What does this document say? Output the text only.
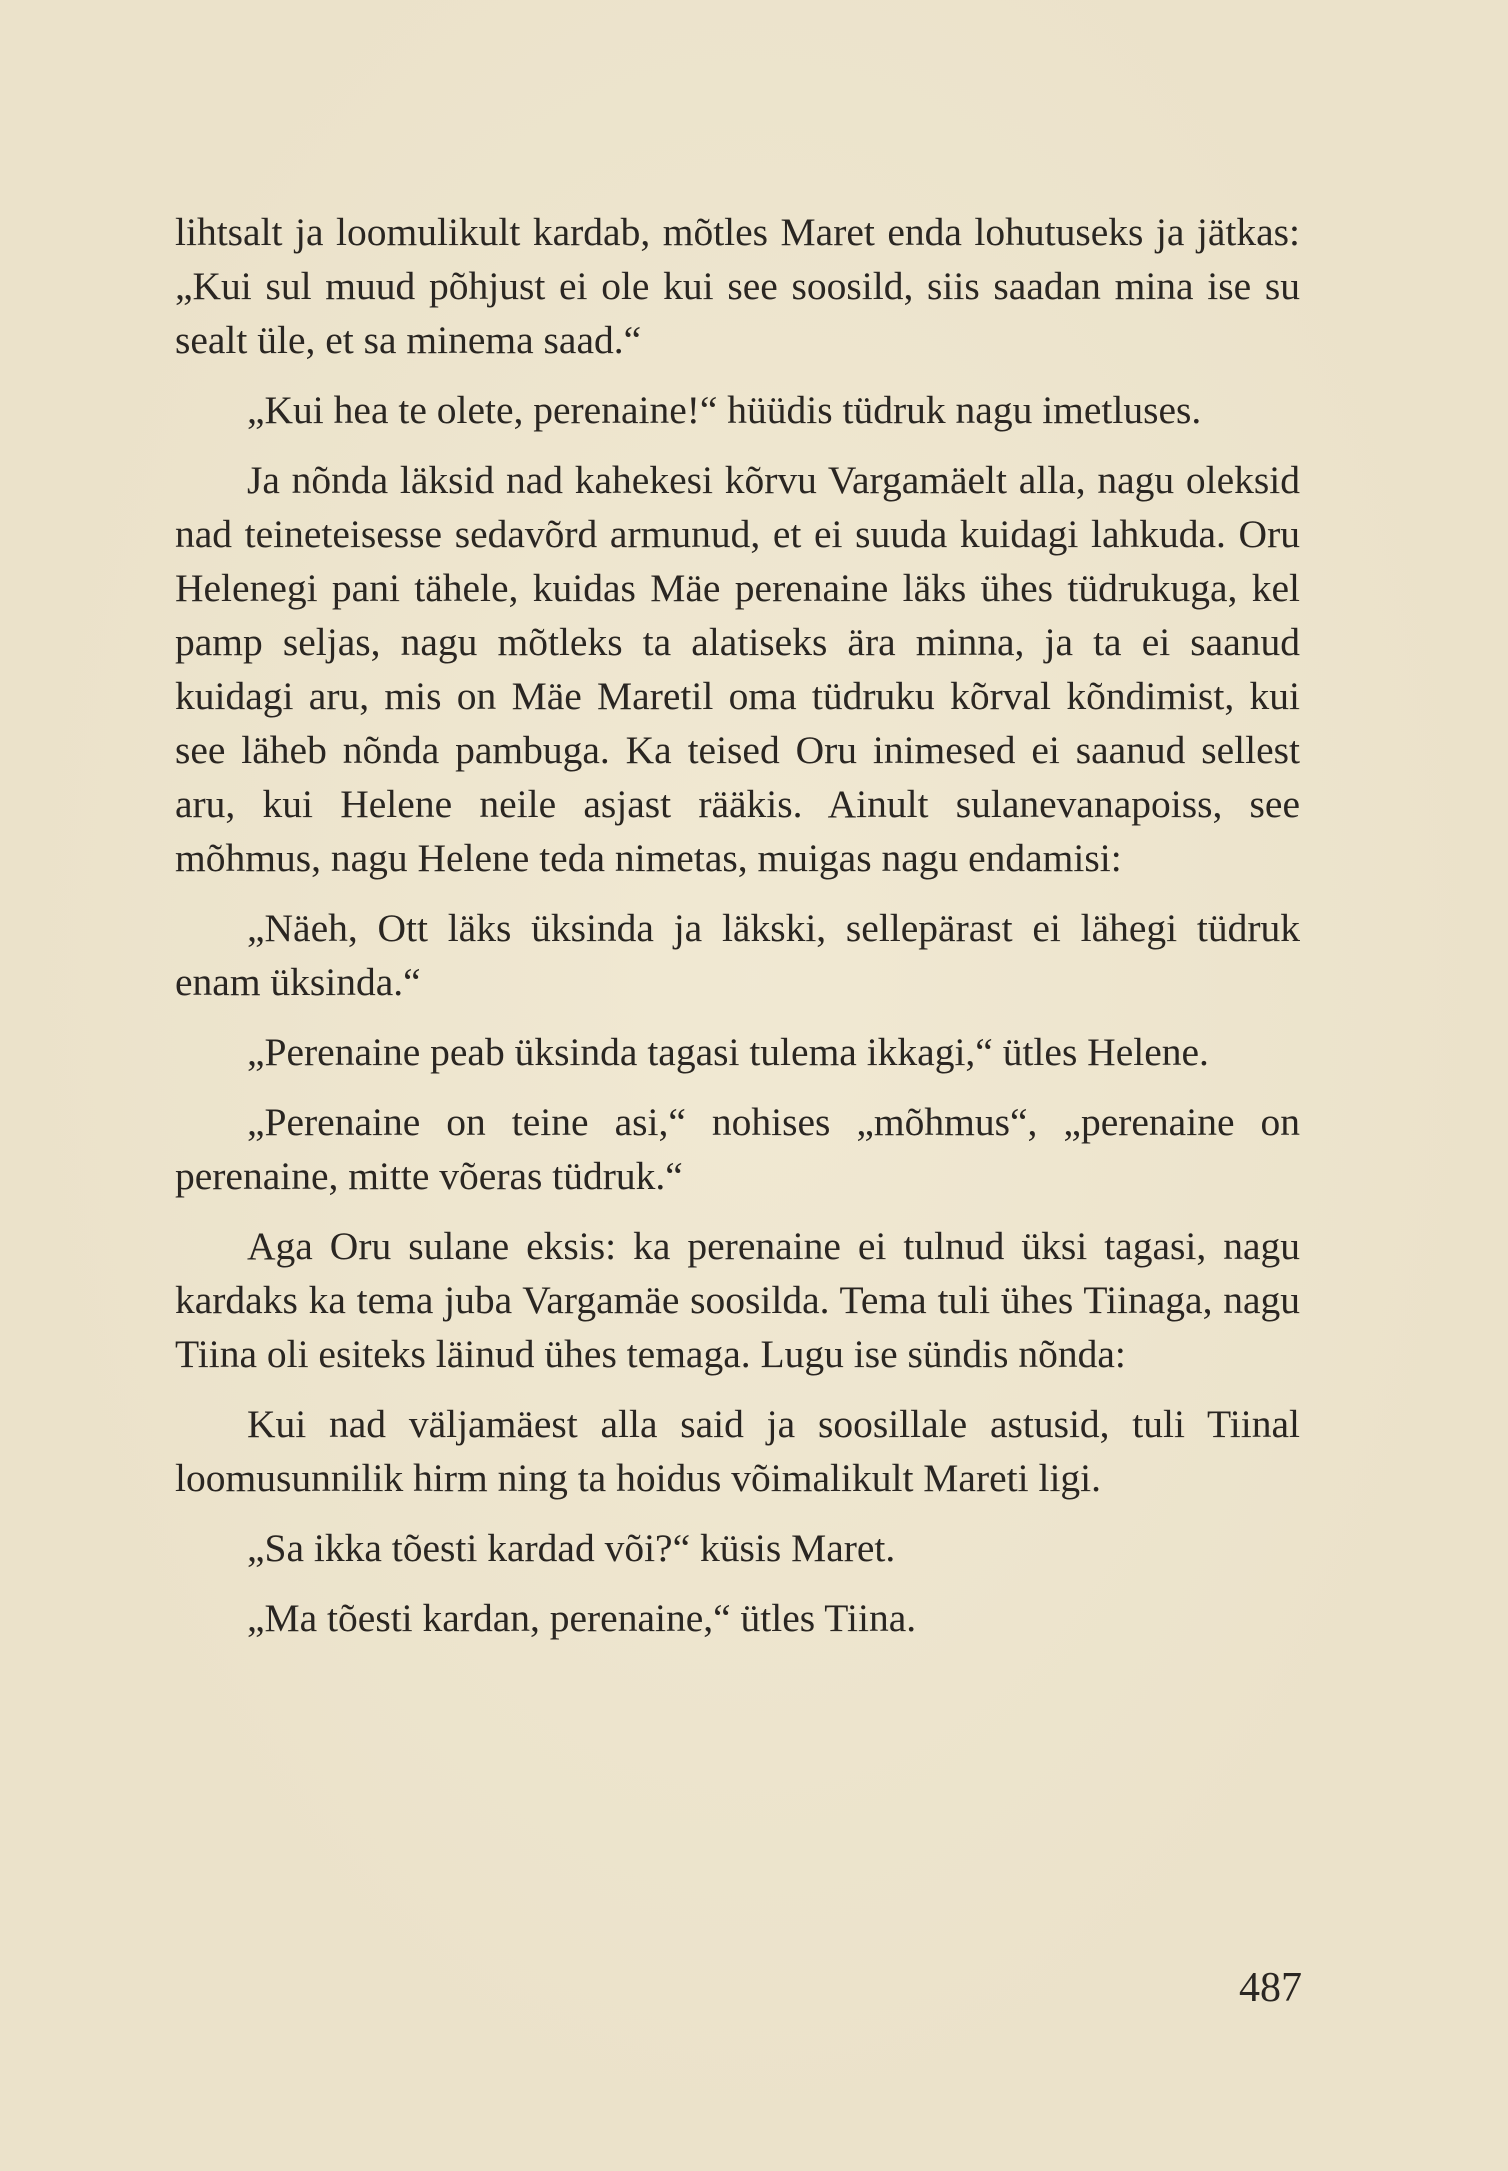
lihtsalt ja loomulikult kardab, mõtles Maret enda lohutuseks ja jätkas: „Kui sul muud põhjust ei ole kui see soosild, siis saadan mina ise su sealt üle, et sa minema saad.“

„Kui hea te olete, perenaine!“ hüüdis tüdruk nagu imetluses.

Ja nõnda läksid nad kahekesi kõrvu Vargamäelt alla, nagu oleksid nad teineteisesse sedavõrd armunud, et ei suuda kuidagi lahkuda. Oru Helenegi pani tähele, kuidas Mäe perenaine läks ühes tüdrukuga, kel pamp seljas, nagu mõtleks ta alatiseks ära minna, ja ta ei saanud kuidagi aru, mis on Mäe Maretil oma tüdruku kõrval kõndimist, kui see läheb nõnda pambuga. Ka teised Oru inimesed ei saanud sellest aru, kui Helene neile asjast rääkis. Ainult sulanevanapoiss, see mõhmus, nagu Helene teda nimetas, muigas nagu endamisi:

„Näeh, Ott läks üksinda ja läkski, sellepärast ei lähegi tüdruk enam üksinda.“

„Perenaine peab üksinda tagasi tulema ikkagi,“ ütles Helene.

„Perenaine on teine asi,“ nohises „mõhmus“, „perenaine on perenaine, mitte võeras tüdruk.“

Aga Oru sulane eksis: ka perenaine ei tulnud üksi tagasi, nagu kardaks ka tema juba Vargamäe soosilda. Tema tuli ühes Tiinaga, nagu Tiina oli esiteks läinud ühes temaga. Lugu ise sündis nõnda:

Kui nad väljamäest alla said ja soosillale astusid, tuli Tiinal loomusunnilik hirm ning ta hoidus võimalikult Mareti ligi.

„Sa ikka tõesti kardad või?“ küsis Maret.

„Ma tõesti kardan, perenaine,“ ütles Tiina.

487
